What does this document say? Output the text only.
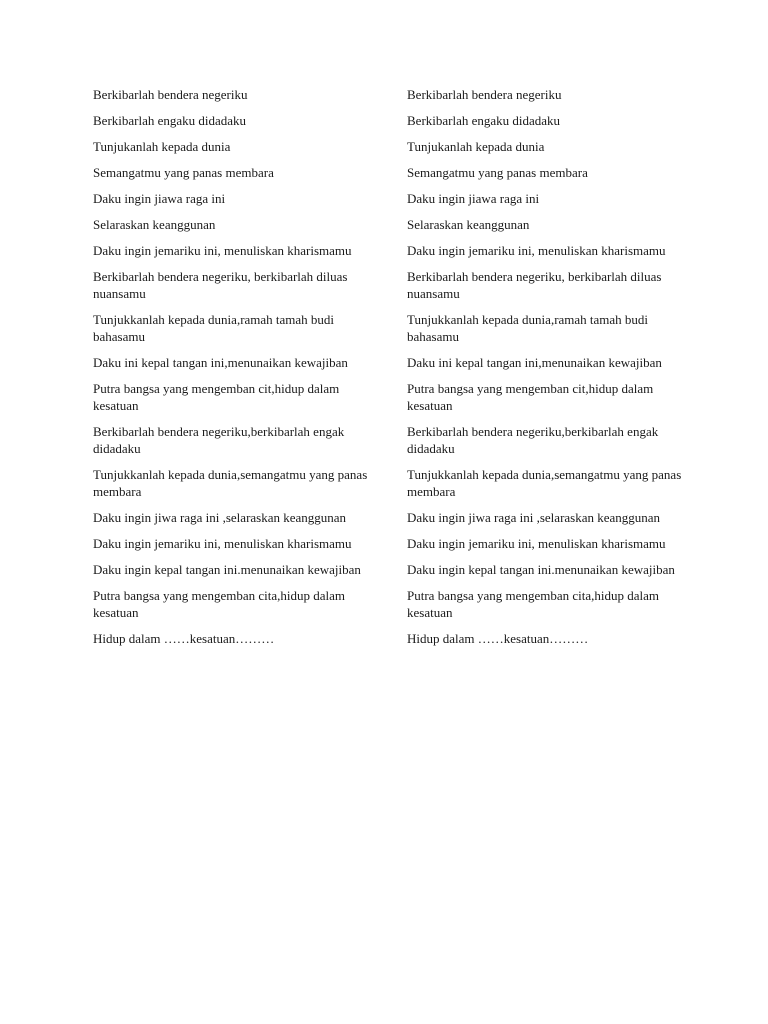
Berkibarlah bendera negeriku

Berkibarlah engaku didadaku

Tunjukanlah kepada dunia

Semangatmu yang panas membara

Daku ingin jiawa raga ini

Selaraskan keanggunan

Daku ingin jemariku ini, menuliskan kharismamu

Berkibarlah bendera negeriku, berkibarlah diluas nuansamu

Tunjukkanlah kepada dunia,ramah tamah budi bahasamu

Daku ini kepal tangan ini,menunaikan kewajiban

Putra bangsa yang mengemban cit,hidup dalam kesatuan

Berkibarlah bendera negeriku,berkibarlah engak didadaku

Tunjukkanlah kepada dunia,semangatmu yang panas membara

Daku ingin jiwa raga ini ,selaraskan keanggunan

Daku ingin jemariku ini, menuliskan kharismamu

Daku ingin kepal tangan ini.menunaikan kewajiban

Putra bangsa yang mengemban cita,hidup dalam kesatuan

Hidup dalam ……kesatuan………

Berkibarlah bendera negeriku

Berkibarlah engaku didadaku

Tunjukanlah kepada dunia

Semangatmu yang panas membara

Daku ingin jiawa raga ini

Selaraskan keanggunan

Daku ingin jemariku ini, menuliskan kharismamu

Berkibarlah bendera negeriku, berkibarlah diluas nuansamu

Tunjukkanlah kepada dunia,ramah tamah budi bahasamu

Daku ini kepal tangan ini,menunaikan kewajiban

Putra bangsa yang mengemban cit,hidup dalam kesatuan

Berkibarlah bendera negeriku,berkibarlah engak didadaku

Tunjukkanlah kepada dunia,semangatmu yang panas membara

Daku ingin jiwa raga ini ,selaraskan keanggunan

Daku ingin jemariku ini, menuliskan kharismamu

Daku ingin kepal tangan ini.menunaikan kewajiban

Putra bangsa yang mengemban cita,hidup dalam kesatuan

Hidup dalam ……kesatuan………
